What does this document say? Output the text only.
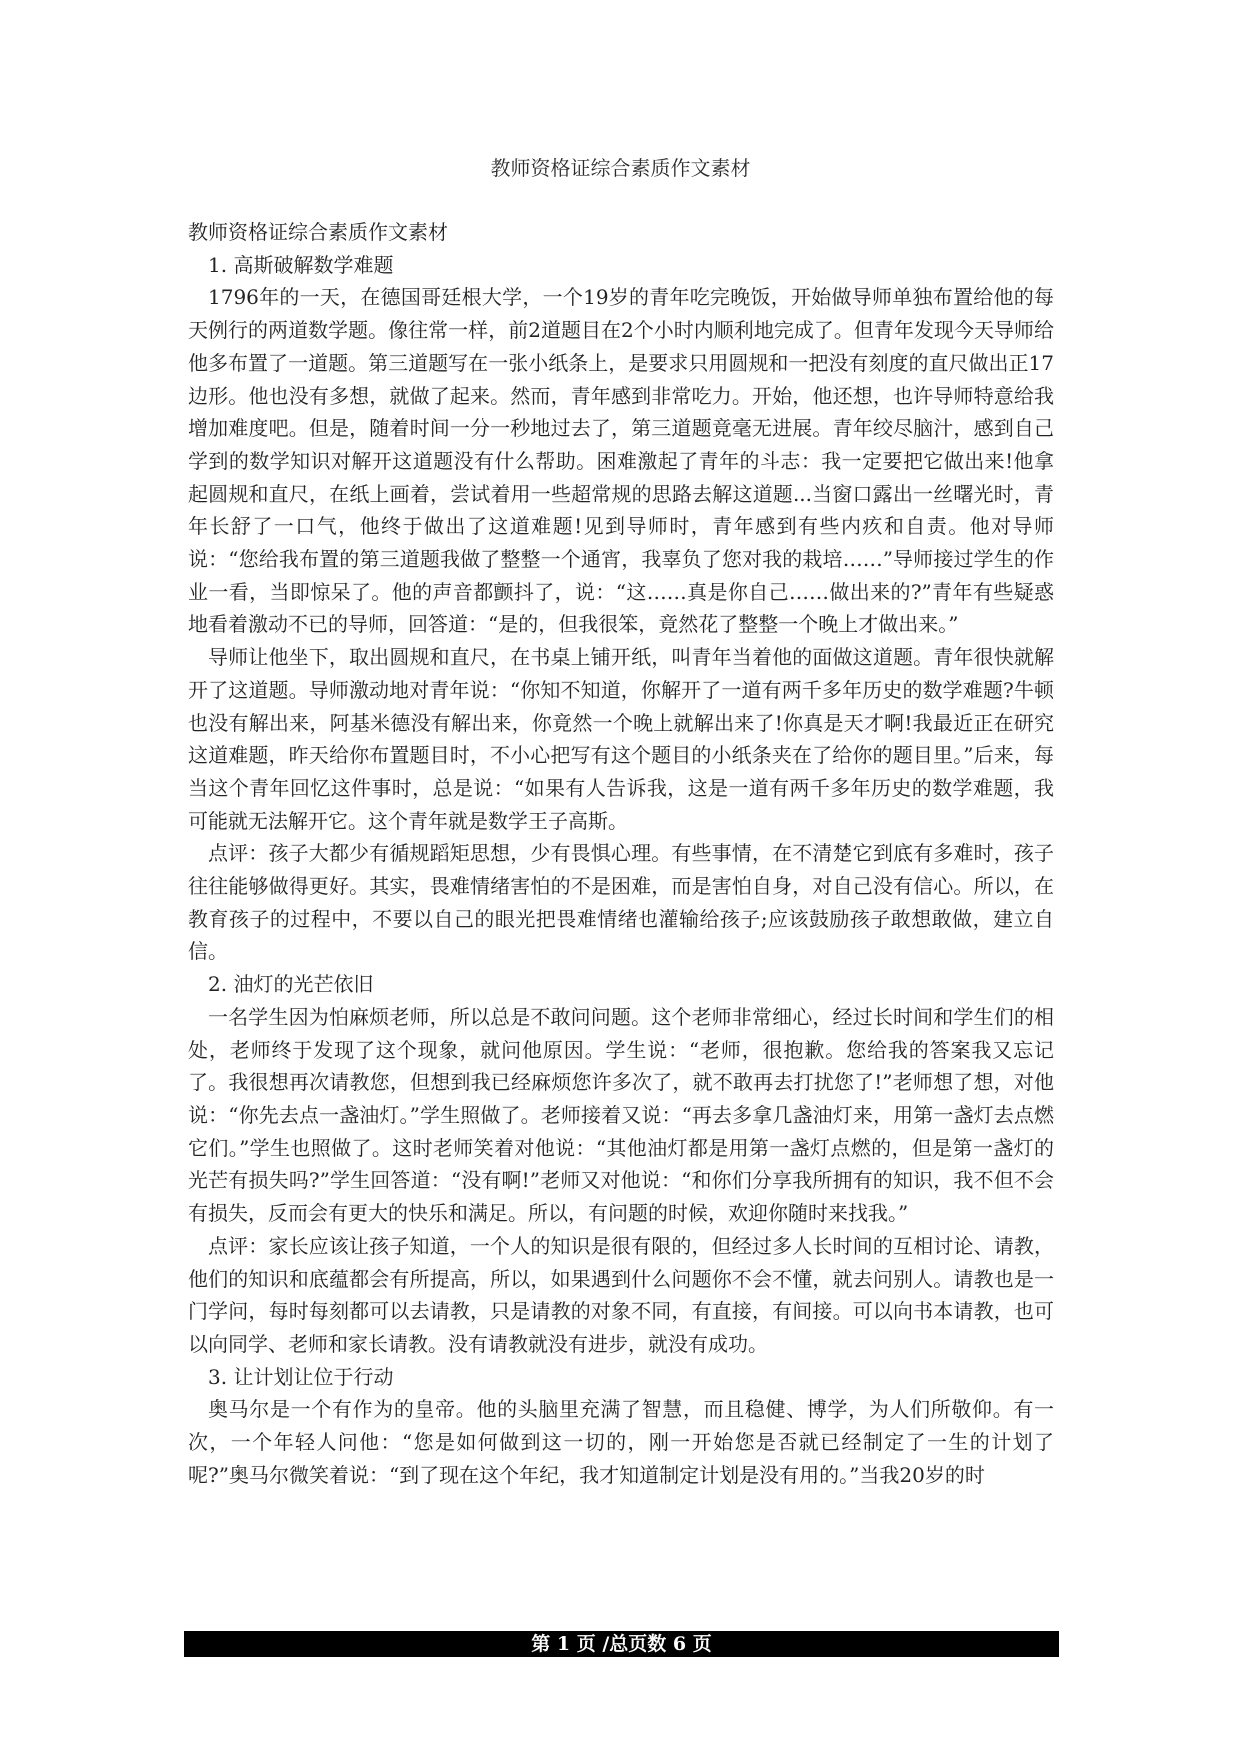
教师资格证综合素质作文素材

教师资格证综合素质作文素材

1. 高斯破解数学难题

1796年的一天，在德国哥廷根大学，一个19岁的青年吃完晚饭，开始做导师单独布置给他的每天例行的两道数学题。像往常一样，前2道题目在2个小时内顺利地完成了。但青年发现今天导师给他多布置了一道题。第三道题写在一张小纸条上，是要求只用圆规和一把没有刻度的直尺做出正17边形。他也没有多想，就做了起来。然而，青年感到非常吃力。开始，他还想，也许导师特意给我增加难度吧。但是，随着时间一分一秒地过去了，第三道题竟毫无进展。青年绞尽脑汁，感到自己学到的数学知识对解开这道题没有什么帮助。困难激起了青年的斗志：我一定要把它做出来!他拿起圆规和直尺，在纸上画着，尝试着用一些超常规的思路去解这道题...当窗口露出一丝曙光时，青年长舒了一口气，他终于做出了这道难题!见到导师时，青年感到有些内疚和自责。他对导师说：“您给我布置的第三道题我做了整整一个通宵，我辜负了您对我的栽培……”导师接过学生的作业一看，当即惊呆了。他的声音都颤抖了，说：“这……真是你自己……做出来的?”青年有些疑惑地看着激动不已的导师，回答道：“是的，但我很笨，竟然花了整整一个晚上才做出来。”

导师让他坐下，取出圆规和直尺，在书桌上铺开纸，叫青年当着他的面做这道题。青年很快就解开了这道题。导师激动地对青年说：“你知不知道，你解开了一道有两千多年历史的数学难题?牛顿也没有解出来，阿基米德没有解出来，你竟然一个晚上就解出来了!你真是天才啊!我最近正在研究这道难题，昨天给你布置题目时，不小心把写有这个题目的小纸条夹在了给你的题目里。”后来，每当这个青年回忆这件事时，总是说：“如果有人告诉我，这是一道有两千多年历史的数学难题，我可能就无法解开它。这个青年就是数学王子高斯。

点评：孩子大都少有循规蹈矩思想，少有畏惧心理。有些事情，在不清楚它到底有多难时，孩子往往能够做得更好。其实，畏难情绪害怕的不是困难，而是害怕自身，对自己没有信心。所以，在教育孩子的过程中，不要以自己的眼光把畏难情绪也灌输给孩子;应该鼓励孩子敢想敢做，建立自信。

2. 油灯的光芒依旧

一名学生因为怕麻烦老师，所以总是不敢问问题。这个老师非常细心，经过长时间和学生们的相处，老师终于发现了这个现象，就问他原因。学生说：“老师，很抱歉。您给我的答案我又忘记了。我很想再次请教您，但想到我已经麻烦您许多次了，就不敢再去打扰您了!”老师想了想，对他说：“你先去点一盏油灯。”学生照做了。老师接着又说：“再去多拿几盏油灯来，用第一盏灯去点燃它们。”学生也照做了。这时老师笑着对他说：“其他油灯都是用第一盏灯点燃的，但是第一盏灯的光芒有损失吗?”学生回答道：“没有啊!”老师又对他说：“和你们分享我所拥有的知识，我不但不会有损失，反而会有更大的快乐和满足。所以，有问题的时候，欢迎你随时来找我。”

点评：家长应该让孩子知道，一个人的知识是很有限的，但经过多人长时间的互相讨论、请教，他们的知识和底蕴都会有所提高，所以，如果遇到什么问题你不会不懂，就去问别人。请教也是一门学问，每时每刻都可以去请教，只是请教的对象不同，有直接，有间接。可以向书本请教，也可以向同学、老师和家长请教。没有请教就没有进步，就没有成功。

3. 让计划让位于行动

奥马尔是一个有作为的皇帝。他的头脑里充满了智慧，而且稳健、博学，为人们所敬仰。有一次，一个年轻人问他：“您是如何做到这一切的，刚一开始您是否就已经制定了一生的计划了呢?”奥马尔微笑着说：“到了现在这个年纪，我才知道制定计划是没有用的。”当我20岁的时

第 1 页 /总页数 6 页
